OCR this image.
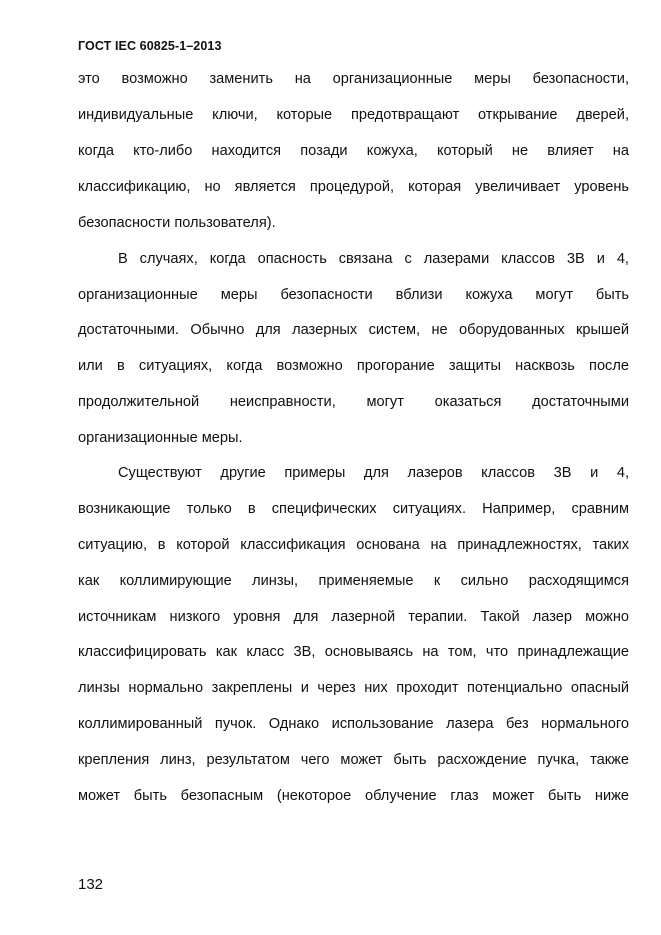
ГОСТ IEC 60825-1–2013
это возможно заменить на организационные меры безопасности,
индивидуальные ключи, которые предотвращают открывание дверей,
когда кто-либо находится позади кожуха, который не влияет на
классификацию, но является процедурой, которая увеличивает уровень
безопасности пользователя).
В случаях, когда опасность связана с лазерами классов 3В и 4,
организационные меры безопасности вблизи кожуха могут быть
достаточными. Обычно для лазерных систем, не оборудованных крышей
или в ситуациях, когда возможно прогорание защиты насквозь после
продолжительной неисправности, могут оказаться достаточными
организационные меры.
Существуют другие примеры для лазеров классов 3В и 4,
возникающие только в специфических ситуациях. Например, сравним
ситуацию, в которой классификация основана на принадлежностях, таких
как коллимирующие линзы, применяемые к сильно расходящимся
источникам низкого уровня для лазерной терапии. Такой лазер можно
классифицировать как класс 3В, основываясь на том, что принадлежащие
линзы нормально закреплены и через них проходит потенциально опасный
коллимированный пучок. Однако использование лазера без нормального
крепления линз, результатом чего может быть расхождение пучка, также
может быть безопасным (некоторое облучение глаз может быть ниже
132
